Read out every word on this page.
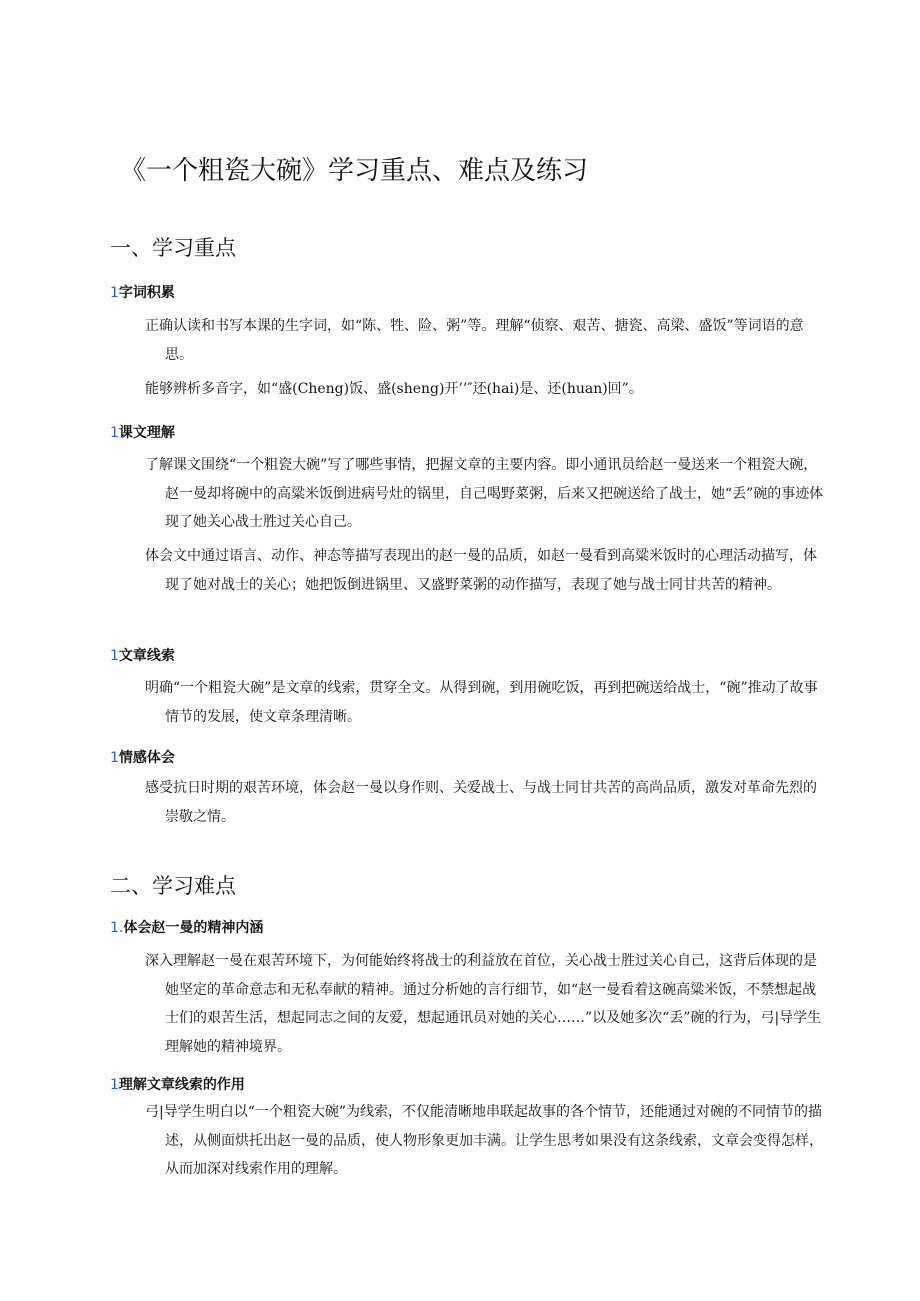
《一个粗瓷大碗》学习重点、难点及练习
一、学习重点
1字词积累

正确认读和书写本课的生字词，如“陈、牲、险、粥”等。理解“侦察、艰苦、搪瓷、高梁、盛饭”等词语的意思。

能够辨析多音字，如“盛(Cheng)饭、盛(sheng)开’’″还(hai)是、还(huan)回”。

1课文理解

了解课文围绕“一个粗瓷大碗”写了哪些事情，把握文章的主要内容。即小通讯员给赵一曼送来一个粗瓷大碗，赵一曼却将碗中的高粱米饭倒进病号灶的锅里，自己喝野菜粥，后来又把碗送给了战士，她“丢”碗的事迹体现了她关心战士胜过关心自己。

体会文中通过语言、动作、神态等描写表现出的赵一曼的品质，如赵一曼看到高粱米饭时的心理活动描写，体现了她对战士的关心；她把饭倒进锅里、又盛野菜粥的动作描写，表现了她与战士同甘共苦的精神。

1文章线索

明确“一个粗瓷大碗”是文章的线索，贯穿全文。从得到碗，到用碗吃饭，再到把碗送给战士，“碗”推动了故事情节的发展，使文章条理清晰。

1情感体会

感受抗日时期的艰苦环境，体会赵一曼以身作则、关爱战士、与战士同甘共苦的高尚品质，激发对革命先烈的崇敬之情。

二、学习难点
1.体会赵一曼的精神内涵

深入理解赵一曼在艰苦环境下，为何能始终将战士的利益放在首位，关心战士胜过关心自己，这背后体现的是她坚定的革命意志和无私奉献的精神。通过分析她的言行细节，如“赵一曼看着这碗高粱米饭，不禁想起战士们的艰苦生活，想起同志之间的友爱，想起通讯员对她的关心……”以及她多次“丢”碗的行为，弓|导学生理解她的精神境界。

1理解文章线索的作用

弓|导学生明白以“一个粗瓷大碗”为线索，不仅能清晰地串联起故事的各个情节，还能通过对碗的不同情节的描述，从侧面烘托出赵一曼的品质，使人物形象更加丰满。让学生思考如果没有这条线索，文章会变得怎样，从而加深对线索作用的理解。
